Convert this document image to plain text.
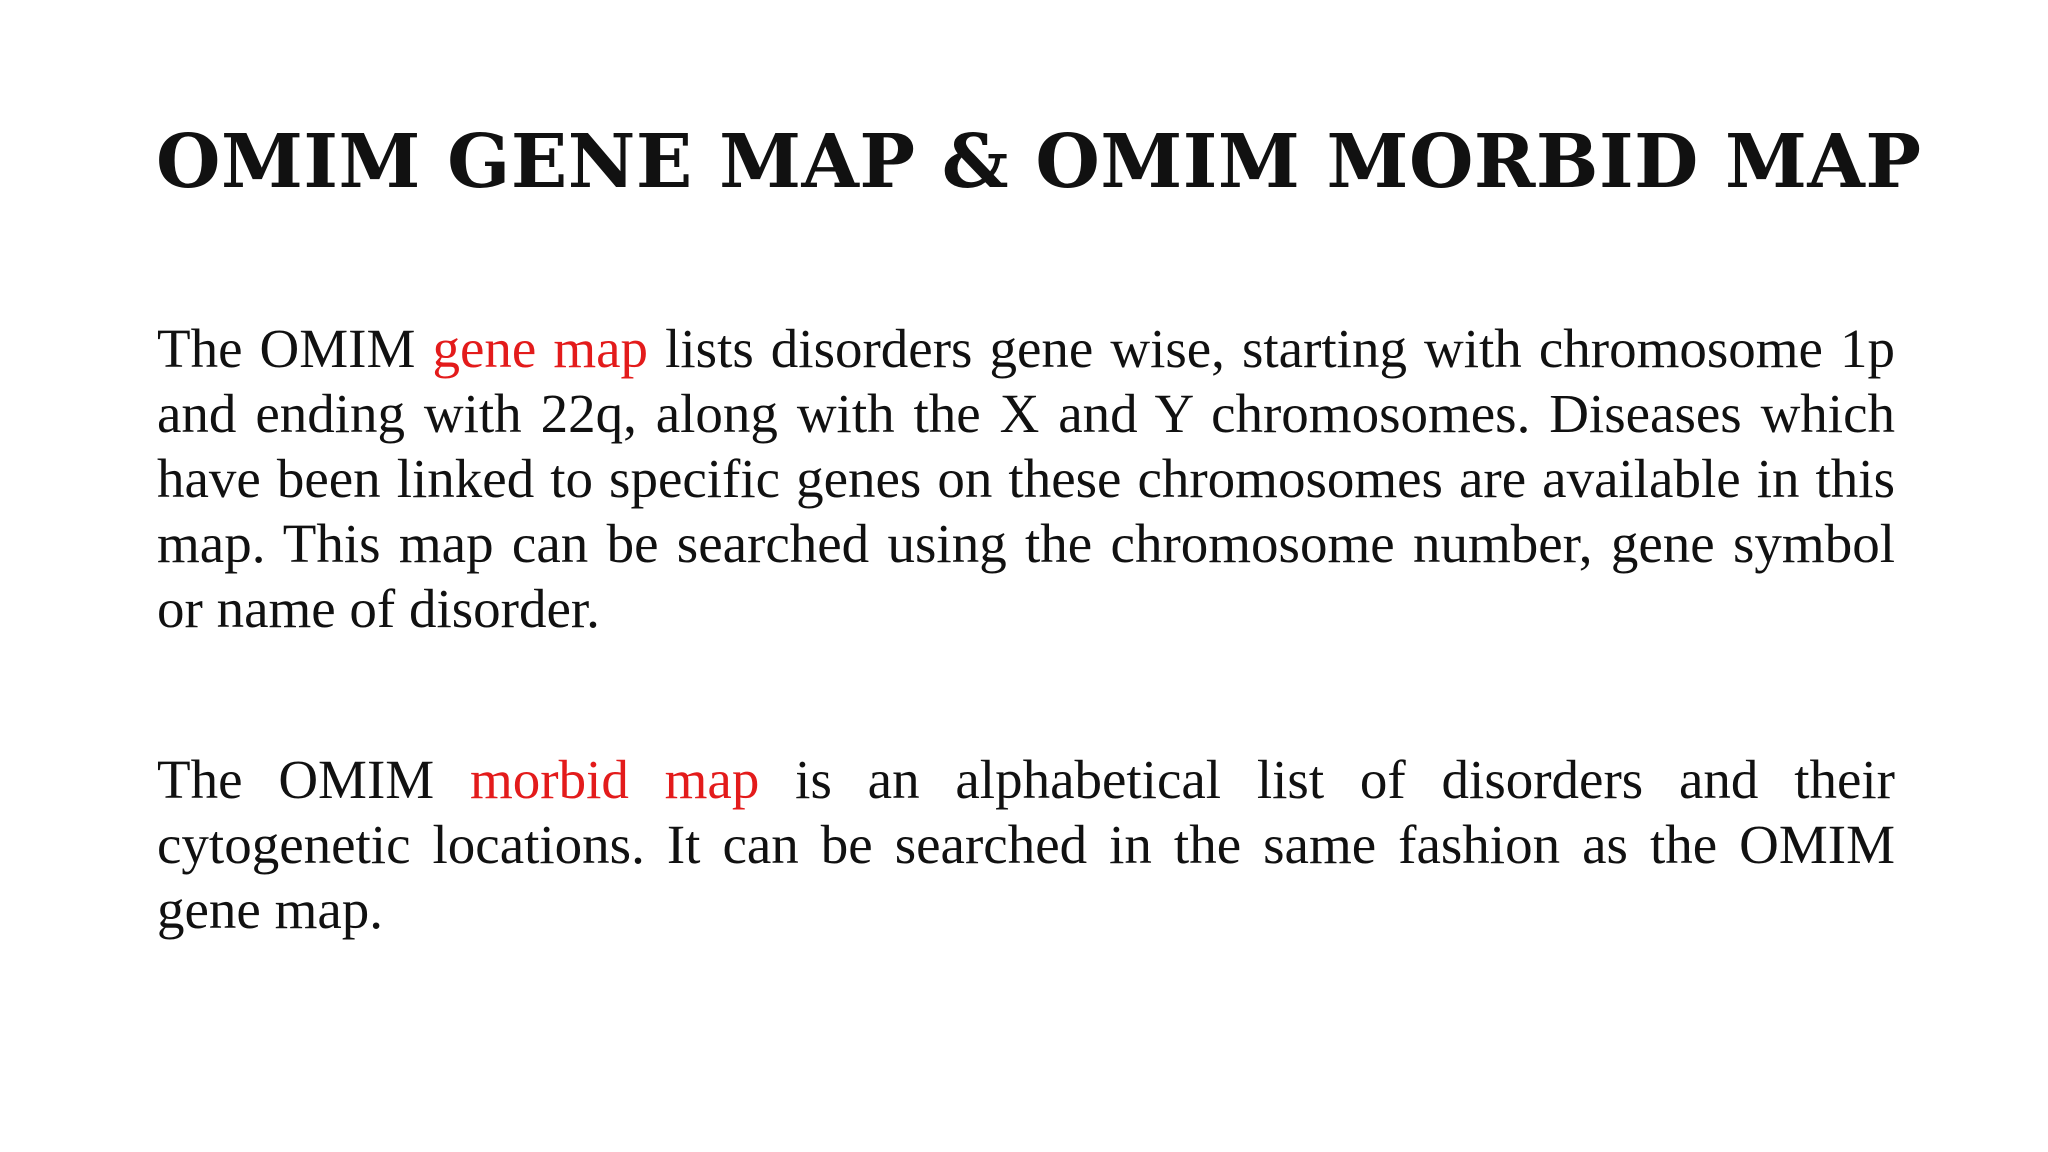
OMIM GENE MAP & OMIM MORBID MAP

The OMIM gene map lists disorders gene wise, starting with chromosome 1p and ending with 22q, along with the X and Y chromosomes. Diseases which have been linked to specific genes on these chromosomes are available in this map. This map can be searched using the chromosome number, gene symbol or name of disorder.

The OMIM morbid map is an alphabetical list of disorders and their cytogenetic locations. It can be searched in the same fashion as the OMIM gene map.
